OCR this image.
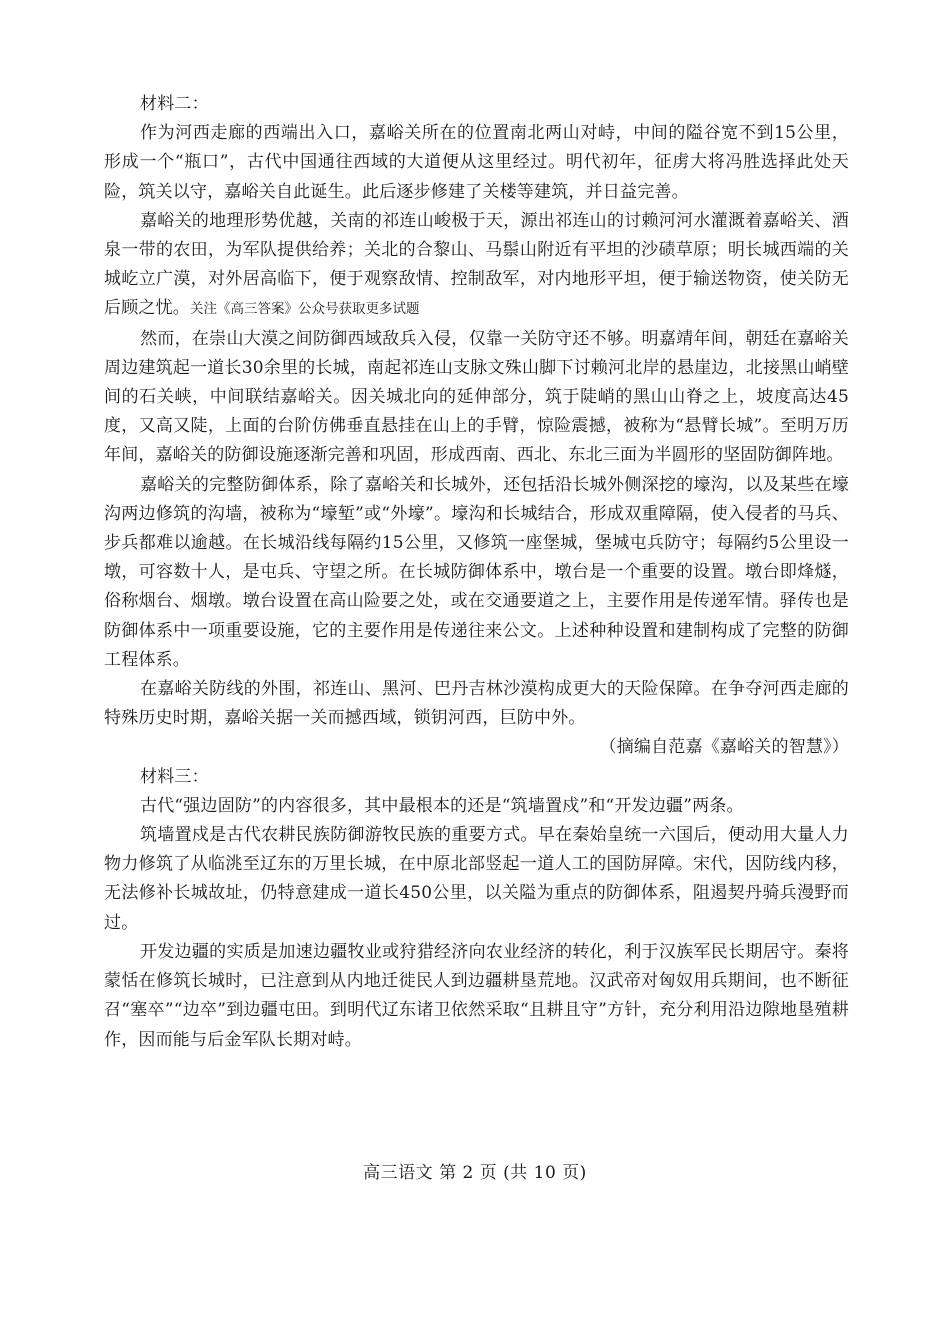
材料二：

作为河西走廊的西端出入口，嘉峪关所在的位置南北两山对峙，中间的隘谷宽不到15公里，形成一个“瓶口”，古代中国通往西域的大道便从这里经过。明代初年，征虏大将冯胜选择此处天险，筑关以守，嘉峪关自此诞生。此后逐步修建了关楼等建筑，并日益完善。

嘉峪关的地理形势优越，关南的祁连山峻极于天，源出祁连山的讨赖河河水灌溉着嘉峪关、酒泉一带的农田，为军队提供给养；关北的合黎山、马鬃山附近有平坦的沙碛草原；明长城西端的关城屹立广漠，对外居高临下，便于观察敌情、控制敌军，对内地形平坦，便于输送物资，使关防无后顾之忧。关注《高三答案》公众号获取更多试题

然而，在崇山大漠之间防御西域敌兵入侵，仅靠一关防守还不够。明嘉靖年间，朝廷在嘉峪关周边建筑起一道长30余里的长城，南起祁连山支脉文殊山脚下讨赖河北岸的悬崖边，北接黑山峭壁间的石关峡，中间联结嘉峪关。因关城北向的延伸部分，筑于陡峭的黑山山脊之上，坡度高达45度，又高又陡，上面的台阶仿佛垂直悬挂在山上的手臂，惊险震撼，被称为“悬臂长城”。至明万历年间，嘉峪关的防御设施逐渐完善和巩固，形成西南、西北、东北三面为半圆形的坚固防御阵地。

嘉峪关的完整防御体系，除了嘉峪关和长城外，还包括沿长城外侧深挖的壕沟，以及某些在壕沟两边修筑的沟墙，被称为“壕堑”或“外壕”。壕沟和长城结合，形成双重障隔，使入侵者的马兵、步兵都难以逾越。在长城沿线每隔约15公里，又修筑一座堡城，堡城屯兵防守；每隔约5公里设一墩，可容数十人，是屯兵、守望之所。在长城防御体系中，墩台是一个重要的设置。墩台即烽燧，俗称烟台、烟墩。墩台设置在高山险要之处，或在交通要道之上，主要作用是传递军情。驿传也是防御体系中一项重要设施，它的主要作用是传递往来公文。上述种种设置和建制构成了完整的防御工程体系。

在嘉峪关防线的外围，祁连山、黑河、巴丹吉林沙漠构成更大的天险保障。在争夺河西走廊的特殊历史时期，嘉峪关据一关而撼西域，锁钥河西，巨防中外。

（摘编自范嘉《嘉峪关的智慧》）

材料三：

古代“强边固防”的内容很多，其中最根本的还是“筑墙置戍”和“开发边疆”两条。

筑墙置戍是古代农耕民族防御游牧民族的重要方式。早在秦始皇统一六国后，便动用大量人力物力修筑了从临洮至辽东的万里长城，在中原北部竖起一道人工的国防屏障。宋代，因防线内移，无法修补长城故址，仍特意建成一道长450公里，以关隘为重点的防御体系，阻遏契丹骑兵漫野而过。

开发边疆的实质是加速边疆牧业或狩猎经济向农业经济的转化，利于汉族军民长期居守。秦将蒙恬在修筑长城时，已注意到从内地迁徙民人到边疆耕垦荒地。汉武帝对匈奴用兵期间，也不断征召“塞卒”“边卒”到边疆屯田。到明代辽东诸卫依然采取“且耕且守”方针，充分利用沿边隙地垦殖耕作，因而能与后金军队长期对峙。

高三语文 第 2 页 (共 10 页)
